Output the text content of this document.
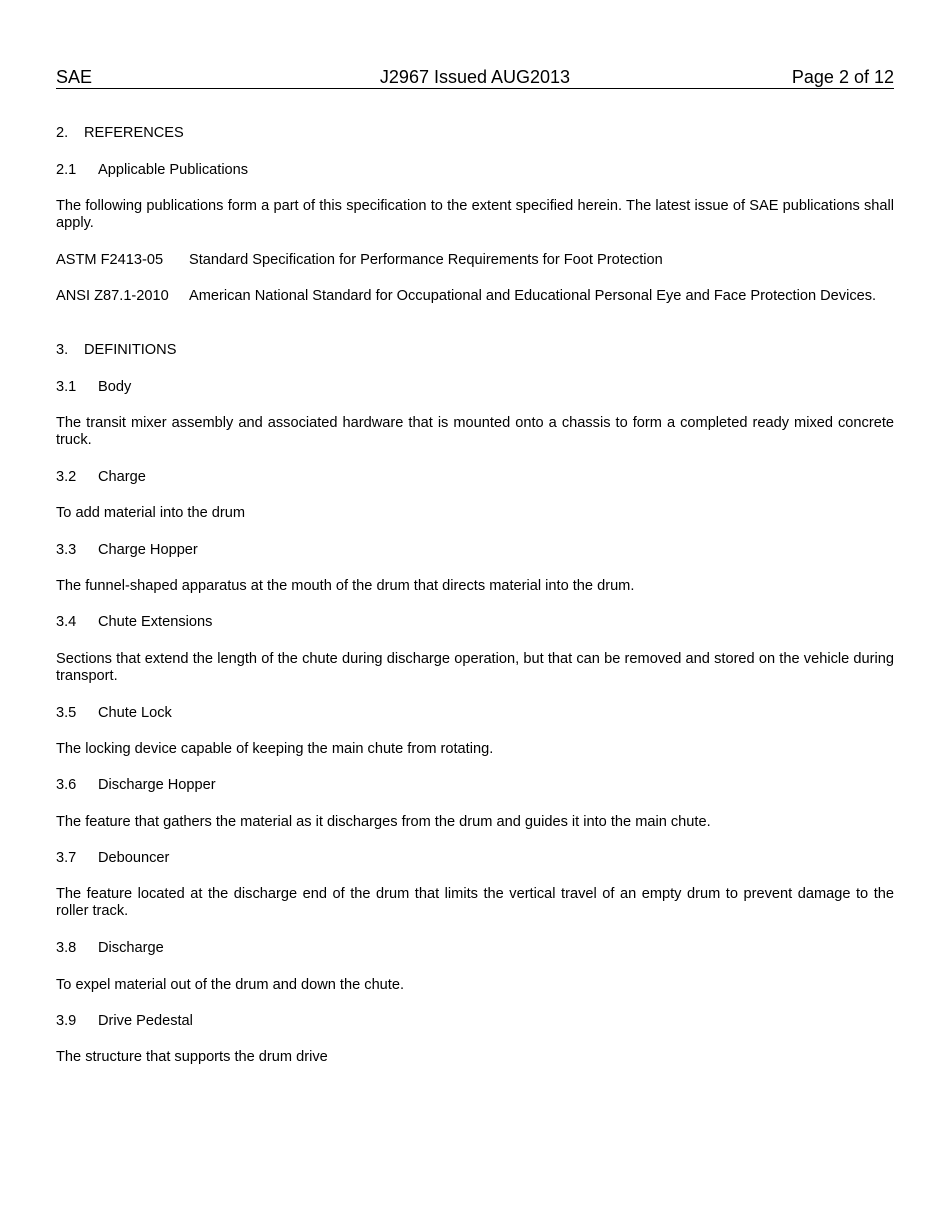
SAE	J2967 Issued AUG2013	Page 2 of 12
2. REFERENCES
2.1 Applicable Publications
The following publications form a part of this specification to the extent specified herein. The latest issue of SAE publications shall apply.
ASTM F2413-05	Standard Specification for Performance Requirements for Foot Protection
ANSI Z87.1-2010	American National Standard for Occupational and Educational Personal Eye and Face Protection Devices.
3. DEFINITIONS
3.1 Body
The transit mixer assembly and associated hardware that is mounted onto a chassis to form a completed ready mixed concrete truck.
3.2 Charge
To add material into the drum
3.3 Charge Hopper
The funnel-shaped apparatus at the mouth of the drum that directs material into the drum.
3.4 Chute Extensions
Sections that extend the length of the chute during discharge operation, but that can be removed and stored on the vehicle during transport.
3.5 Chute Lock
The locking device capable of keeping the main chute from rotating.
3.6 Discharge Hopper
The feature that gathers the material as it discharges from the drum and guides it into the main chute.
3.7 Debouncer
The feature located at the discharge end of the drum that limits the vertical travel of an empty drum to prevent damage to the roller track.
3.8 Discharge
To expel material out of the drum and down the chute.
3.9 Drive Pedestal
The structure that supports the drum drive
